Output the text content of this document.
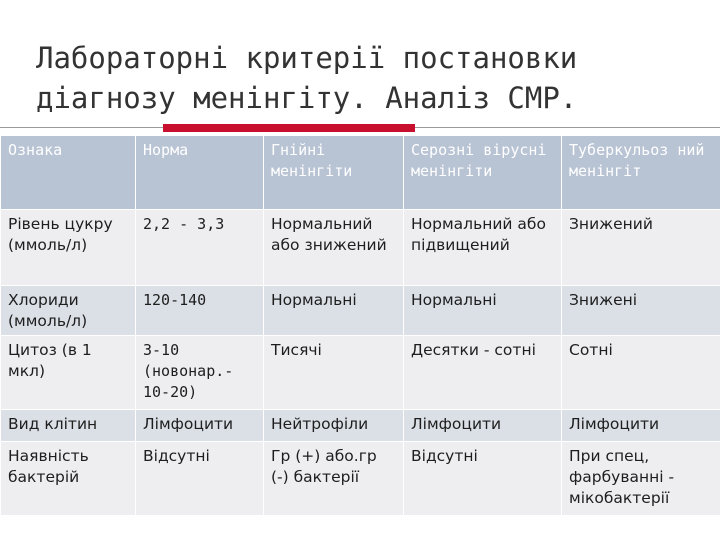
Лабораторні критерії постановки
діагнозу менінгіту. Аналіз СМР.
Ознака	Норма	Гнійні менінгіти	Серозні вірусні менінгіти	Туберкульоз ний менінгіт
Рівень цукру (ммоль/л)	2,2 - 3,3	Нормальний або знижений	Нормальний або підвищений	Знижений
Хлориди (ммоль/л)	120-140	Нормальні	Нормальні	Знижені
Цитоз (в 1 мкл)	3-10 (новонар.- 10-20)	Тисячі	Десятки - сотні	Сотні
Вид клітин	Лімфоцити	Нейтрофіли	Лімфоцити	Лімфоцити
Наявність бактерій	Відсутні	Гр (+) або.гр (-) бактерії	Відсутні	При спец, фарбуванні - мікобактерії
